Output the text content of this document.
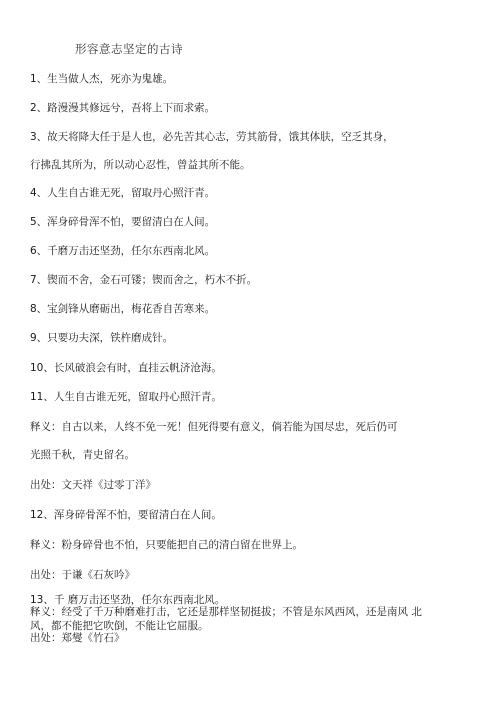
形容意志坚定的古诗
1、生当做人杰，死亦为鬼雄。
2、路漫漫其修远兮，吾将上下而求索。
3、故天将降大任于是人也，必先苦其心志，劳其筋骨，饿其体肤，空乏其身，
行拂乱其所为，所以动心忍性，曾益其所不能。
4、人生自古谁无死，留取丹心照汗青。
5、浑身碎骨浑不怕，要留清白在人间。
6、千磨万击还坚劲，任尔东西南北风。
7、锲而不舍，金石可镂；锲而舍之，朽木不折。
8、宝剑锋从磨砺出，梅花香自苦寒来。
9、只要功夫深，铁杵磨成针。
10、长风破浪会有时，直挂云帆济沧海。
11、人生自古谁无死，留取丹心照汗青。
释义：自古以来，人终不免一死！但死得要有意义，倘若能为国尽忠，死后仍可
光照千秋，青史留名。
出处：文天祥《过零丁洋》
12、浑身碎骨浑不怕，要留清白在人间。
释义：粉身碎骨也不怕，只要能把自己的清白留在世界上。
出处：于谦《石灰吟》
13、千 磨万击还坚劲，任尔东西南北风。
释义：经受了千万种磨难打击，它还是那样坚韧挺拔；不管是东风西风，还是南风 北风，都不能把它吹倒，不能让它屈服。
出处：郑燮《竹石》
